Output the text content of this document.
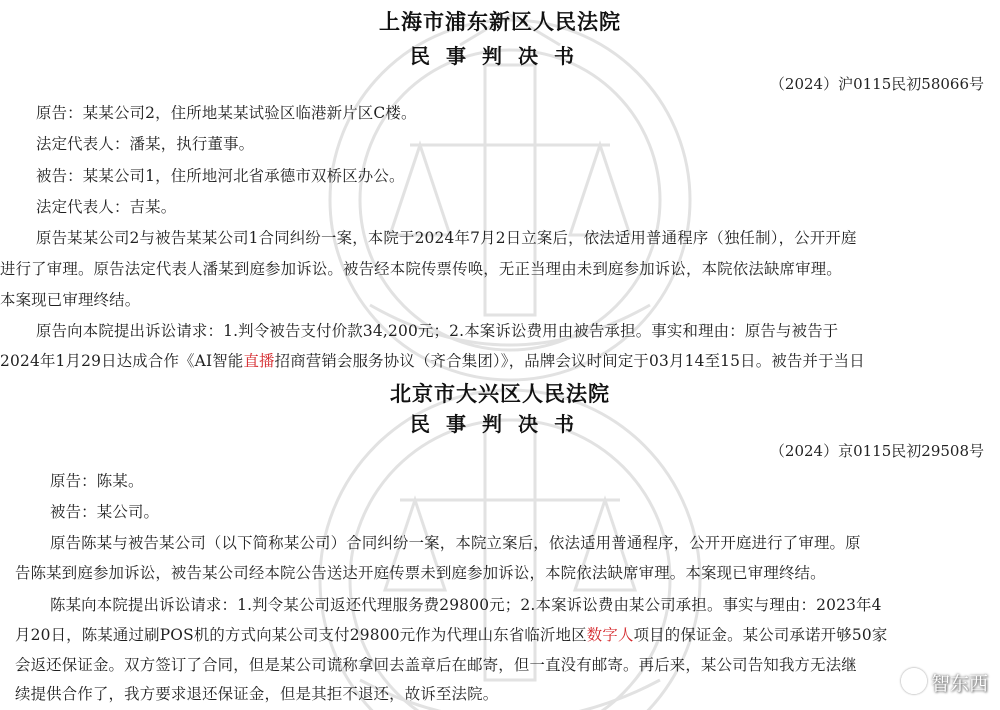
上海市浦东新区人民法院
民事判决书
（2024）沪0115民初58066号
原告：某某公司2，住所地某某试验区临港新片区C楼。
法定代表人：潘某，执行董事。
被告：某某公司1，住所地河北省承德市双桥区办公。
法定代表人：吉某。
原告某某公司2与被告某某公司1合同纠纷一案，本院于2024年7月2日立案后，依法适用普通程序（独任制），公开开庭
进行了审理。原告法定代表人潘某到庭参加诉讼。被告经本院传票传唤，无正当理由未到庭参加诉讼，本院依法缺席审理。
本案现已审理终结。
原告向本院提出诉讼请求：1.判令被告支付价款34,200元；2.本案诉讼费用由被告承担。事实和理由：原告与被告于
2024年1月29日达成合作《AI智能直播招商营销会服务协议（齐合集团）》，品牌会议时间定于03月14至15日。被告并于当日
北京市大兴区人民法院
民事判决书
（2024）京0115民初29508号
原告：陈某。
被告：某公司。
原告陈某与被告某公司（以下简称某公司）合同纠纷一案，本院立案后，依法适用普通程序，公开开庭进行了审理。原
告陈某到庭参加诉讼，被告某公司经本院公告送达开庭传票未到庭参加诉讼，本院依法缺席审理。本案现已审理终结。
陈某向本院提出诉讼请求：1.判令某公司返还代理服务费29800元；2.本案诉讼费由某公司承担。事实与理由：2023年4
月20日，陈某通过刷POS机的方式向某公司支付29800元作为代理山东省临沂地区数字人项目的保证金。某公司承诺开够50家
会返还保证金。双方签订了合同，但是某公司谎称拿回去盖章后在邮寄，但一直没有邮寄。再后来，某公司告知我方无法继
续提供合作了，我方要求退还保证金，但是其拒不退还，故诉至法院。	智东西
